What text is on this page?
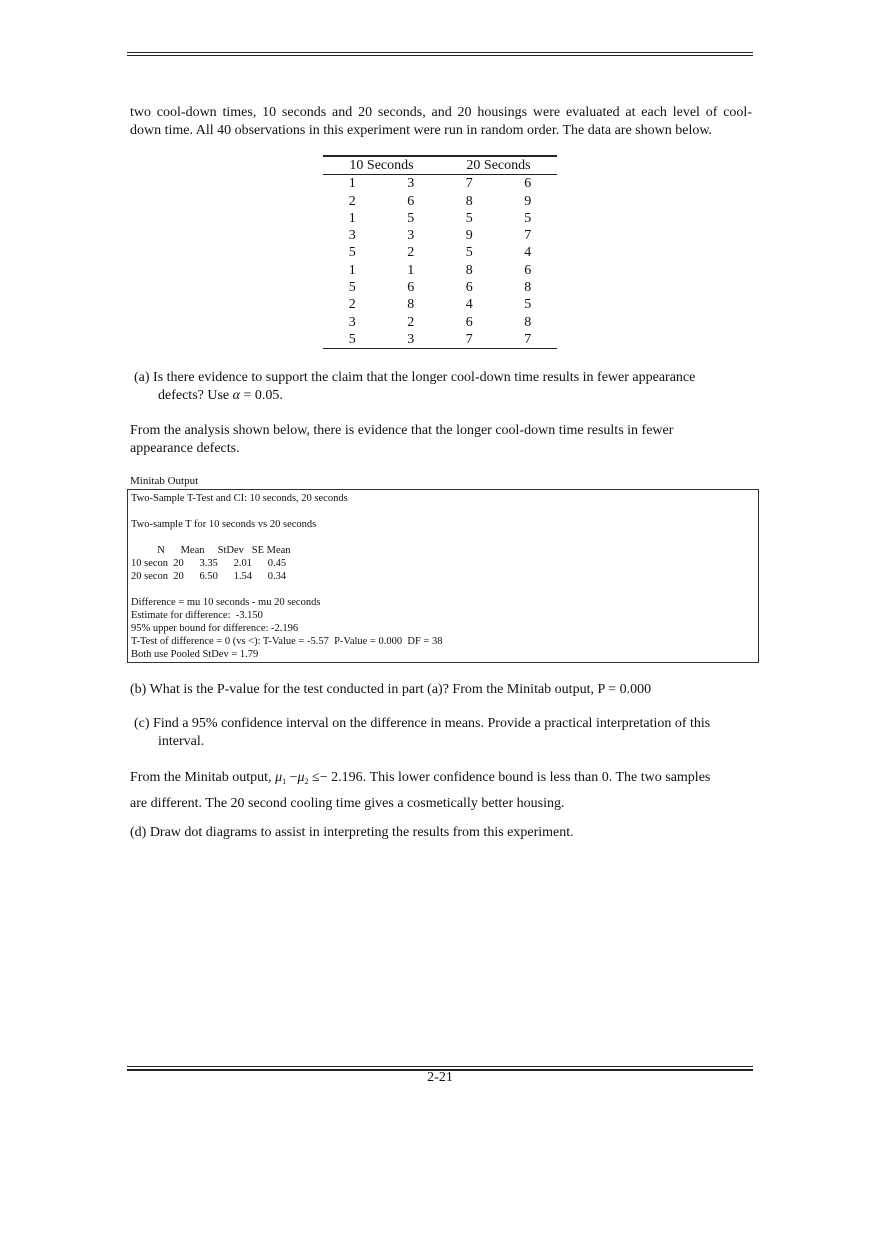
two cool-down times, 10 seconds and 20 seconds, and 20 housings were evaluated at each level of cool-
down time. All 40 observations in this experiment were run in random order. The data are shown below.
10 Seconds		20 Seconds	
1	3	7	6
2	6	8	9
1	5	5	5
3	3	9	7
5	2	5	4
1	1	8	6
5	6	6	8
2	8	4	5
3	2	6	8
5	3	7	7
(a) Is there evidence to support the claim that the longer cool-down time results in fewer appearance
defects? Use α = 0.05.
From the analysis shown below, there is evidence that the longer cool-down time results in fewer
appearance defects.
Minitab Output
Two-Sample T-Test and CI: 10 seconds, 20 seconds
Two-sample T for 10 seconds vs 20 seconds
N      Mean     StDev   SE Mean
10 secon  20      3.35      2.01      0.45
20 secon  20      6.50      1.54      0.34
Difference = mu 10 seconds - mu 20 seconds
Estimate for difference:  -3.150
95% upper bound for difference: -2.196
T-Test of difference = 0 (vs <): T-Value = -5.57  P-Value = 0.000  DF = 38
Both use Pooled StDev = 1.79
(b) What is the P-value for the test conducted in part (a)? From the Minitab output, P = 0.000
(c) Find a 95% confidence interval on the difference in means. Provide a practical interpretation of this
interval.
From the Minitab output, $\mu_1 -\mu_2 \le- 2.196$. This lower confidence bound is less than 0. The two samples
are different. The 20 second cooling time gives a cosmetically better housing.
(d) Draw dot diagrams to assist in interpreting the results from this experiment.
2-21
